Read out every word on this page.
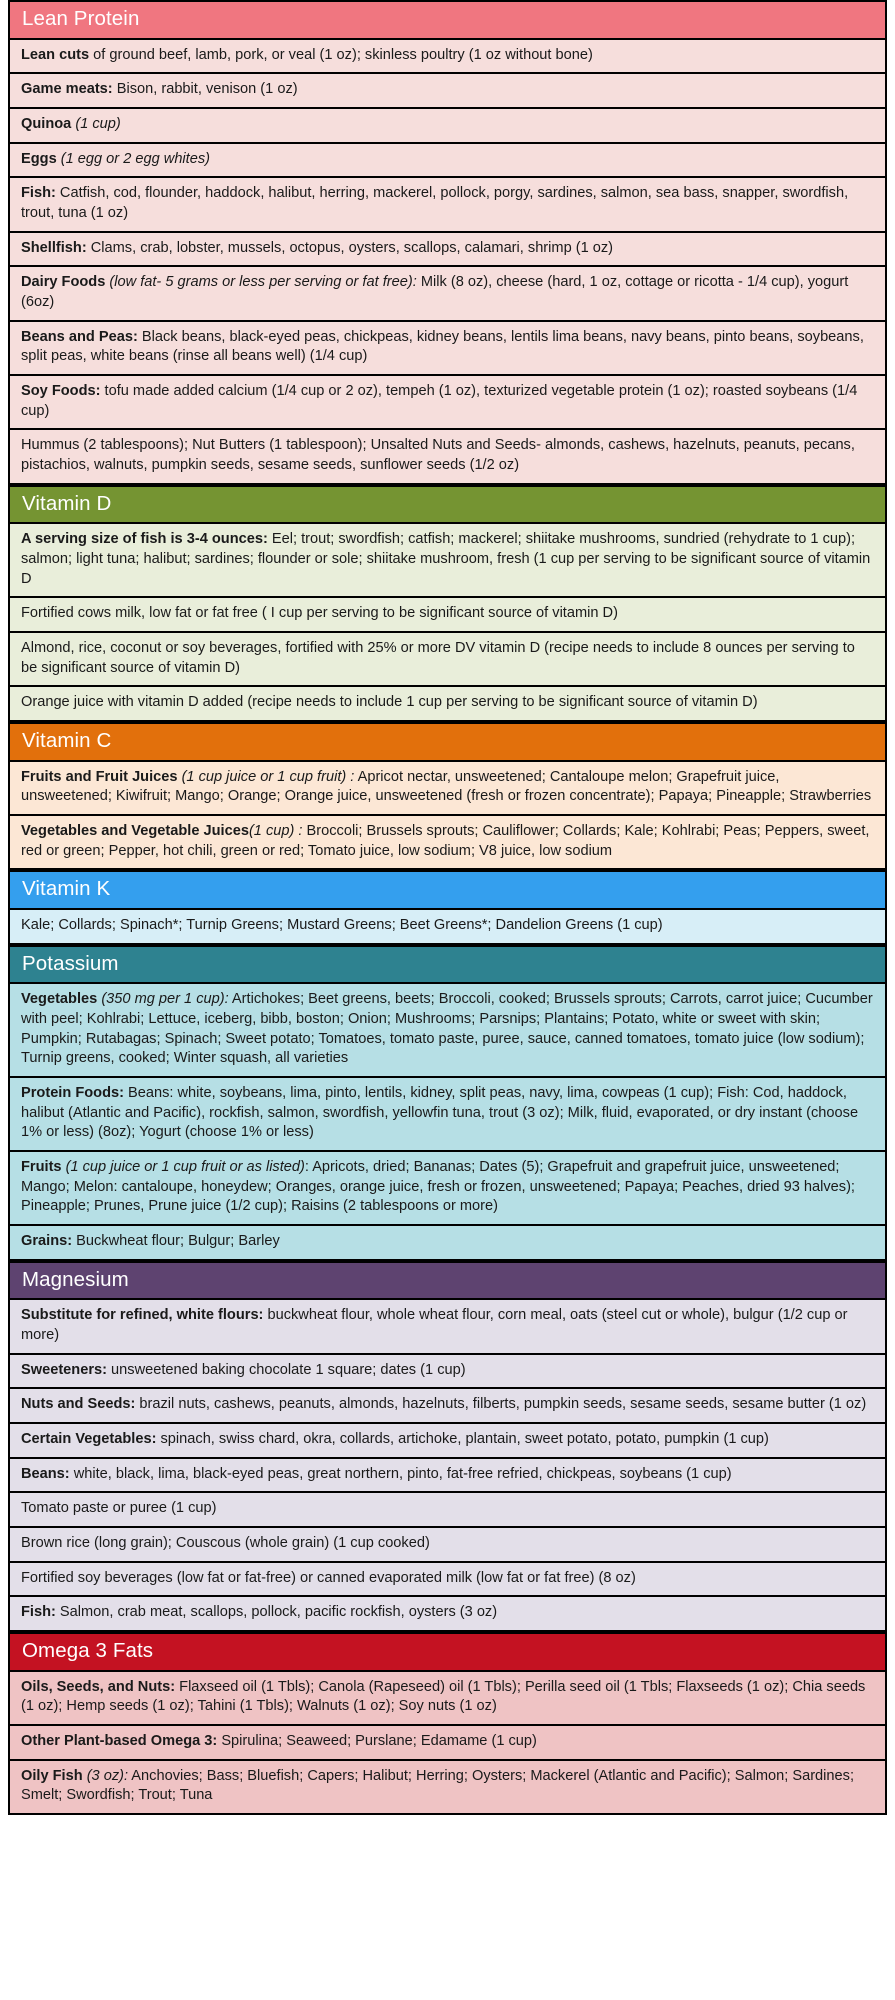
Lean Protein
Lean cuts of ground beef, lamb, pork, or veal (1 oz); skinless poultry (1 oz without bone)
Game meats: Bison, rabbit, venison (1 oz)
Quinoa (1 cup)
Eggs (1 egg or 2 egg whites)
Fish: Catfish, cod, flounder, haddock, halibut, herring, mackerel, pollock, porgy, sardines, salmon, sea bass, snapper, swordfish, trout, tuna (1 oz)
Shellfish: Clams, crab, lobster, mussels, octopus, oysters, scallops, calamari, shrimp (1 oz)
Dairy Foods (low fat- 5 grams or less per serving or fat free): Milk (8 oz), cheese (hard, 1 oz, cottage or ricotta - 1/4 cup), yogurt (6oz)
Beans and Peas: Black beans, black-eyed peas, chickpeas, kidney beans, lentils lima beans, navy beans, pinto beans, soybeans, split peas, white beans (rinse all beans well) (1/4 cup)
Soy Foods: tofu made added calcium (1/4 cup or 2 oz), tempeh (1 oz), texturized vegetable protein (1 oz); roasted soybeans (1/4 cup)
Hummus (2 tablespoons); Nut Butters (1 tablespoon); Unsalted Nuts and Seeds- almonds, cashews, hazelnuts, peanuts, pecans, pistachios, walnuts, pumpkin seeds, sesame seeds, sunflower seeds (1/2 oz)
Vitamin D
A serving size of fish is 3-4 ounces: Eel; trout; swordfish; catfish; mackerel; shiitake mushrooms, sundried (rehydrate to 1 cup); salmon; light tuna; halibut; sardines; flounder or sole; shiitake mushroom, fresh (1 cup per serving to be significant source of vitamin D
Fortified cows milk, low fat or fat free ( I cup per serving to be significant source of vitamin D)
Almond, rice, coconut or soy beverages, fortified with 25% or more DV vitamin D (recipe needs to include 8 ounces per serving to be significant source of vitamin D)
Orange juice with vitamin D added (recipe needs to include 1 cup per serving to be significant source of vitamin D)
Vitamin C
Fruits and Fruit Juices (1 cup juice or 1 cup fruit) : Apricot nectar, unsweetened; Cantaloupe melon; Grapefruit juice, unsweetened; Kiwifruit; Mango; Orange; Orange juice, unsweetened (fresh or frozen concentrate); Papaya; Pineapple; Strawberries
Vegetables and Vegetable Juices(1 cup) : Broccoli; Brussels sprouts; Cauliflower; Collards; Kale; Kohlrabi; Peas; Peppers, sweet, red or green; Pepper, hot chili, green or red; Tomato juice, low sodium; V8 juice, low sodium
Vitamin K
Kale; Collards; Spinach*; Turnip Greens; Mustard Greens; Beet Greens*; Dandelion Greens (1 cup)
Potassium
Vegetables (350 mg per 1 cup): Artichokes; Beet greens, beets; Broccoli, cooked; Brussels sprouts; Carrots, carrot juice; Cucumber with peel; Kohlrabi; Lettuce, iceberg, bibb, boston; Onion; Mushrooms; Parsnips; Plantains; Potato, white or sweet with skin; Pumpkin; Rutabagas; Spinach; Sweet potato; Tomatoes, tomato paste, puree, sauce, canned tomatoes, tomato juice (low sodium); Turnip greens, cooked; Winter squash, all varieties
Protein Foods: Beans: white, soybeans, lima, pinto, lentils, kidney, split peas, navy, lima, cowpeas (1 cup); Fish: Cod, haddock, halibut (Atlantic and Pacific), rockfish, salmon, swordfish, yellowfin tuna, trout (3 oz); Milk, fluid, evaporated, or dry instant (choose 1% or less) (8oz); Yogurt (choose 1% or less)
Fruits (1 cup juice or 1 cup fruit or as listed): Apricots, dried; Bananas; Dates (5); Grapefruit and grapefruit juice, unsweetened; Mango; Melon: cantaloupe, honeydew; Oranges, orange juice, fresh or frozen, unsweetened; Papaya; Peaches, dried 93 halves); Pineapple; Prunes, Prune juice (1/2 cup); Raisins (2 tablespoons or more)
Grains: Buckwheat flour; Bulgur; Barley
Magnesium
Substitute for refined, white flours: buckwheat flour, whole wheat flour, corn meal, oats (steel cut or whole), bulgur (1/2 cup or more)
Sweeteners: unsweetened baking chocolate 1 square; dates (1 cup)
Nuts and Seeds: brazil nuts, cashews, peanuts, almonds, hazelnuts, filberts, pumpkin seeds, sesame seeds, sesame butter (1 oz)
Certain Vegetables: spinach, swiss chard, okra, collards, artichoke, plantain, sweet potato, potato, pumpkin (1 cup)
Beans: white, black, lima, black-eyed peas, great northern, pinto, fat-free refried, chickpeas, soybeans (1 cup)
Tomato paste or puree (1 cup)
Brown rice (long grain); Couscous (whole grain) (1 cup cooked)
Fortified soy beverages (low fat or fat-free) or canned evaporated milk (low fat or fat free) (8 oz)
Fish: Salmon, crab meat, scallops, pollock, pacific rockfish, oysters (3 oz)
Omega 3 Fats
Oils, Seeds, and Nuts: Flaxseed oil (1 Tbls); Canola (Rapeseed) oil (1 Tbls); Perilla seed oil (1 Tbls; Flaxseeds (1 oz); Chia seeds (1 oz); Hemp seeds (1 oz); Tahini (1 Tbls); Walnuts (1 oz); Soy nuts (1 oz)
Other Plant-based Omega 3: Spirulina; Seaweed; Purslane; Edamame (1 cup)
Oily Fish (3 oz): Anchovies; Bass; Bluefish; Capers; Halibut; Herring; Oysters; Mackerel (Atlantic and Pacific); Salmon; Sardines; Smelt; Swordfish; Trout; Tuna
